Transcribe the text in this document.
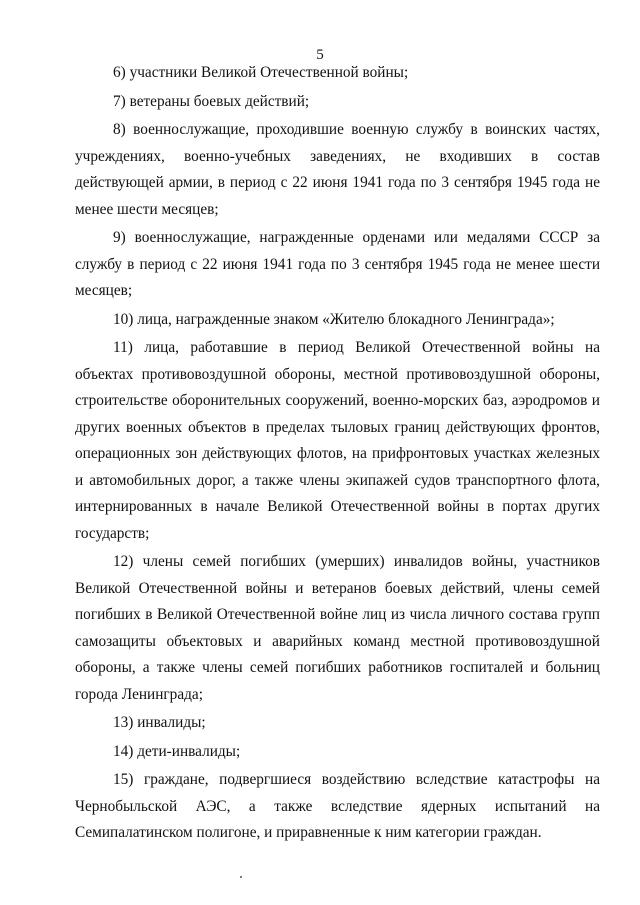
5

6) участники Великой Отечественной войны;

7) ветераны боевых действий;

8) военнослужащие, проходившие военную службу в воинских частях, учреждениях, военно-учебных заведениях, не входивших в состав действующей армии, в период с 22 июня 1941 года по 3 сентября 1945 года не менее шести месяцев;

9) военнослужащие, награжденные орденами или медалями СССР за службу в период с 22 июня 1941 года по 3 сентября 1945 года не менее шести месяцев;

10) лица, награжденные знаком «Жителю блокадного Ленинграда»;

11) лица, работавшие в период Великой Отечественной войны на объектах противовоздушной обороны, местной противовоздушной обороны, строительстве оборонительных сооружений, военно-морских баз, аэродромов и других военных объектов в пределах тыловых границ действующих фронтов, операционных зон действующих флотов, на прифронтовых участках железных и автомобильных дорог, а также члены экипажей судов транспортного флота, интернированных в начале Великой Отечественной войны в портах других государств;

12) члены семей погибших (умерших) инвалидов войны, участников Великой Отечественной войны и ветеранов боевых действий, члены семей погибших в Великой Отечественной войне лиц из числа личного состава групп самозащиты объектовых и аварийных команд местной противовоздушной обороны, а также члены семей погибших работников госпиталей и больниц города Ленинграда;

13) инвалиды;

14) дети-инвалиды;

15) граждане, подвергшиеся воздействию вследствие катастрофы на Чернобыльской АЭС, а также вследствие ядерных испытаний на Семипалатинском полигоне, и приравненные к ним категории граждан.
